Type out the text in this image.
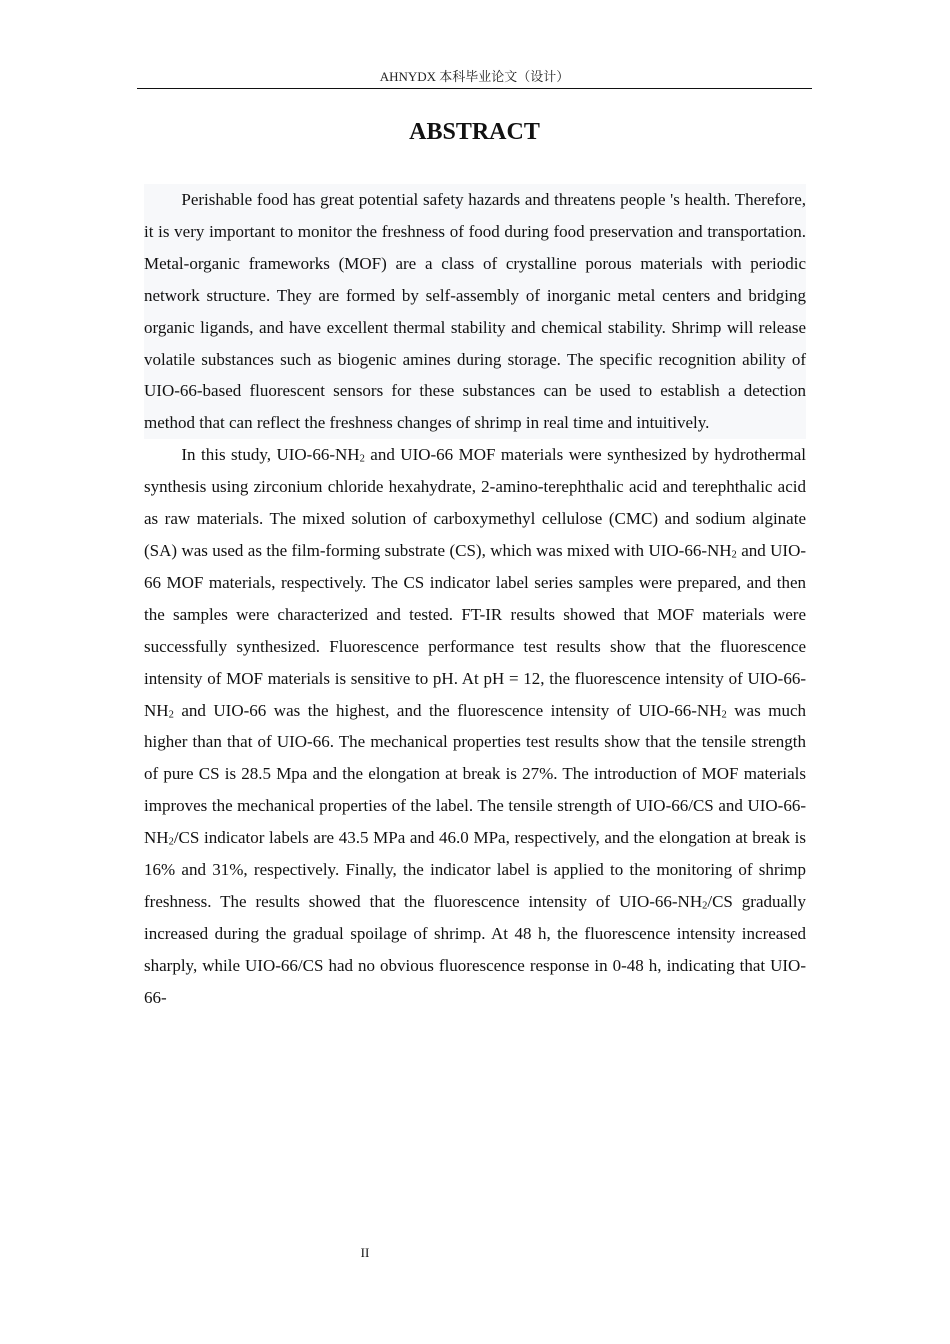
AHNYDX 本科毕业论文（设计）
ABSTRACT

Perishable food has great potential safety hazards and threatens people 's health. Therefore, it is very important to monitor the freshness of food during food preservation and transportation. Metal-organic frameworks (MOF) are a class of crystalline porous materials with periodic network structure. They are formed by self-assembly of inorganic metal centers and bridging organic ligands, and have excellent thermal stability and chemical stability. Shrimp will release volatile substances such as biogenic amines during storage. The specific recognition ability of UIO-66-based fluorescent sensors for these substances can be used to establish a detection method that can reflect the freshness changes of shrimp in real time and intuitively.

In this study, UIO-$66-NH_2$ and UIO-66 MOF materials were synthesized by hydrothermal synthesis using zirconium chloride hexahydrate, 2-amino-terephthalic acid and terephthalic acid as raw materials. The mixed solution of carboxymethyl cellulose (CMC) and sodium alginate (SA) was used as the film-forming substrate (CS), which was mixed with UIO-$66-NH_2$ and UIO-66 MOF materials, respectively. The CS indicator label series samples were prepared, and then the samples were characterized and tested. FT-IR results showed that MOF materials were successfully synthesized. Fluorescence performance test results show that the fluorescence intensity of MOF materials is sensitive to pH. At pH = 12, the fluorescence intensity of UIO-$66-NH_2$ and UIO-66 was the highest, and the fluorescence intensity of UIO-$66-NH_2$ was much higher than that of UIO-66. The mechanical properties test results show that the tensile strength of pure CS is 28.5 Mpa and the elongation at break is 27%. The introduction of MOF materials improves the mechanical properties of the label. The tensile strength of UIO-66/CS and UIO-$66-NH_2/CS$ indicator labels are 43.5 MPa and 46.0 MPa, respectively, and the elongation at break is 16% and 31%, respectively. Finally, the indicator label is applied to the monitoring of shrimp freshness. The results showed that the fluorescence intensity of UIO-$66-NH_2/CS$ gradually increased during the gradual spoilage of shrimp. At 48 h, the fluorescence intensity increased sharply, while UIO-66/CS had no obvious fluorescence response in 0-48 h, indicating that UIO-66-

II
